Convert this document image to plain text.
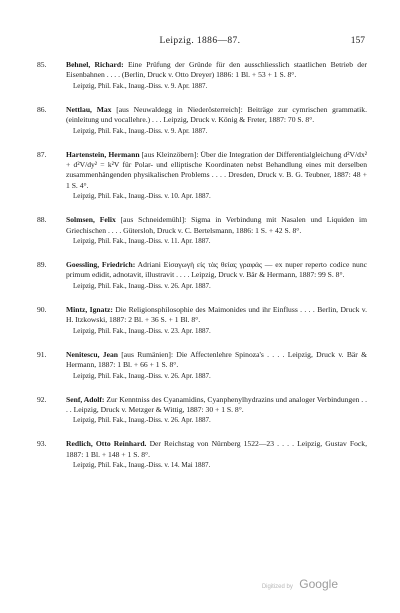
Leipzig. 1886—87.	157
85.	Behnel, Richard: Eine Prüfung der Gründe für den ausschliesslich staatlichen Betrieb der Eisenbahnen . . . . (Berlin, Druck v. Otto Dreyer) 1886: 1 Bl. + 53 + 1 S. 8°.
Leipzig, Phil. Fak., Inaug.-Diss. v. 9. Apr. 1887.
86.	Nettlau, Max [aus Neuwaldegg in Niederösterreich]: Beiträge zur cymrischen grammatik. (einleitung und vocallehre.) . . . Leipzig, Druck v. König & Freter, 1887: 70 S. 8°.
Leipzig, Phil. Fak., Inaug.-Diss. v. 9. Apr. 1887.
87.	Hartenstein, Hermann [aus Kleinzöbern]: Über die Integration der Differentialgleichung d²V/dx² + d²V/dy² = k²V für Polar- und elliptische Koordinaten nebst Behandlung eines mit derselben zusammenhängenden physikalischen Problems . . . . Dresden, Druck v. B. G. Teubner, 1887: 48 + 1 S. 4°.
Leipzig, Phil. Fak., Inaug.-Diss. v. 10. Apr. 1887.
88.	Solmsen, Felix [aus Schneidemühl]: Sigma in Verbindung mit Nasalen und Liquiden im Griechischen . . . . Gütersloh, Druck v. C. Bertelsmann, 1886: 1 S. + 42 S. 8°.
Leipzig, Phil. Fak., Inaug.-Diss. v. 11. Apr. 1887.
89.	Goessling, Friedrich: Adriani Εἰσαγωγὴ εἰς τὰς θείας γραφάς — ex nuper reperto codice nunc primum edidit, adnotavit, illustravit . . . . Leipzig, Druck v. Bär & Hermann, 1887: 99 S. 8°.
Leipzig, Phil. Fak., Inaug.-Diss. v. 26. Apr. 1887.
90.	Mintz, Ignatz: Die Religionsphilosophie des Maimonides und ihr Einfluss . . . . Berlin, Druck v. H. Itzkowski, 1887: 2 Bl. + 36 S. + 1 Bl. 8°.
Leipzig, Phil. Fak., Inaug.-Diss. v. 23. Apr. 1887.
91.	Nenitescu, Jean [aus Rumänien]: Die Affectenlehre Spinoza's . . . . Leipzig, Druck v. Bär & Hermann, 1887: 1 Bl. + 66 + 1 S. 8°.
Leipzig, Phil. Fak., Inaug.-Diss. v. 26. Apr. 1887.
92.	Senf, Adolf: Zur Kenntniss des Cyanamidins, Cyanphenylhydrazins und analoger Verbindungen . . . . Leipzig, Druck v. Metzger & Wittig, 1887: 30 + 1 S. 8°.
Leipzig, Phil. Fak., Inaug.-Diss. v. 26. Apr. 1887.
93.	Redlich, Otto Reinhard. Der Reichstag von Nürnberg 1522—23 . . . . Leipzig, Gustav Fock, 1887: 1 Bl. + 148 + 1 S. 8°.
Leipzig, Phil. Fak., Inaug.-Diss. v. 14. Mai 1887.
Digitized by Google
